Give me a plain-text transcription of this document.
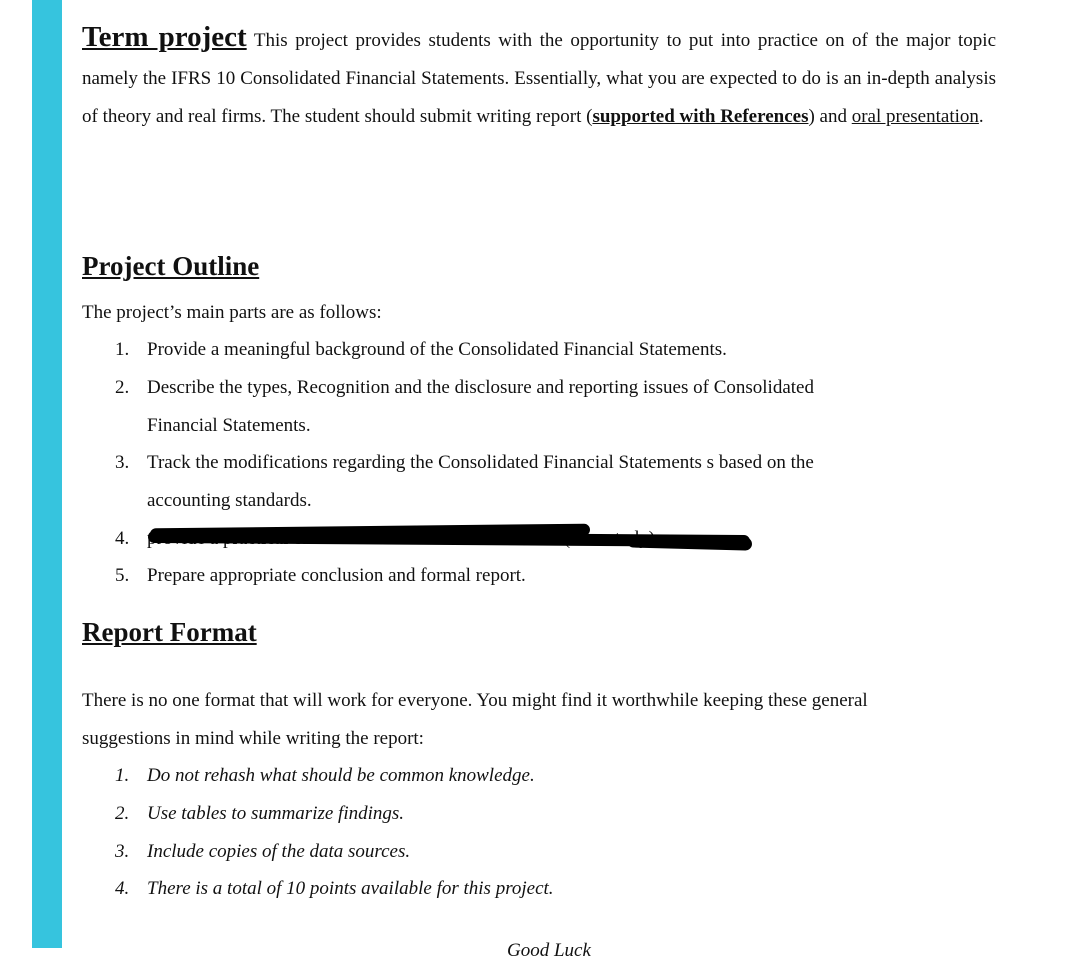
Term project This project provides students with the opportunity to put into practice on of the major topic namely the IFRS 10 Consolidated Financial Statements. Essentially, what you are expected to do is an in-depth analysis of theory and real firms. The student should submit writing report (supported with References) and oral presentation.

Project Outline

The project’s main parts are as follows:

1. Provide a meaningful background of the Consolidated Financial Statements.
2. Describe the types, Recognition and the disclosure and reporting issues of Consolidated
Financial Statements.
3. Track the modifications regarding the Consolidated Financial Statements s based on the
accounting standards.
4.
5. Prepare appropriate conclusion and formal report.
Report Format

There is no one format that will work for everyone. You might find it worthwhile keeping these general

suggestions in mind while writing the report:

1. Do not rehash what should be common knowledge.
2. Use tables to summarize findings.
3. Include copies of the data sources.
4. There is a total of 10 points available for this project.

Good Luck
